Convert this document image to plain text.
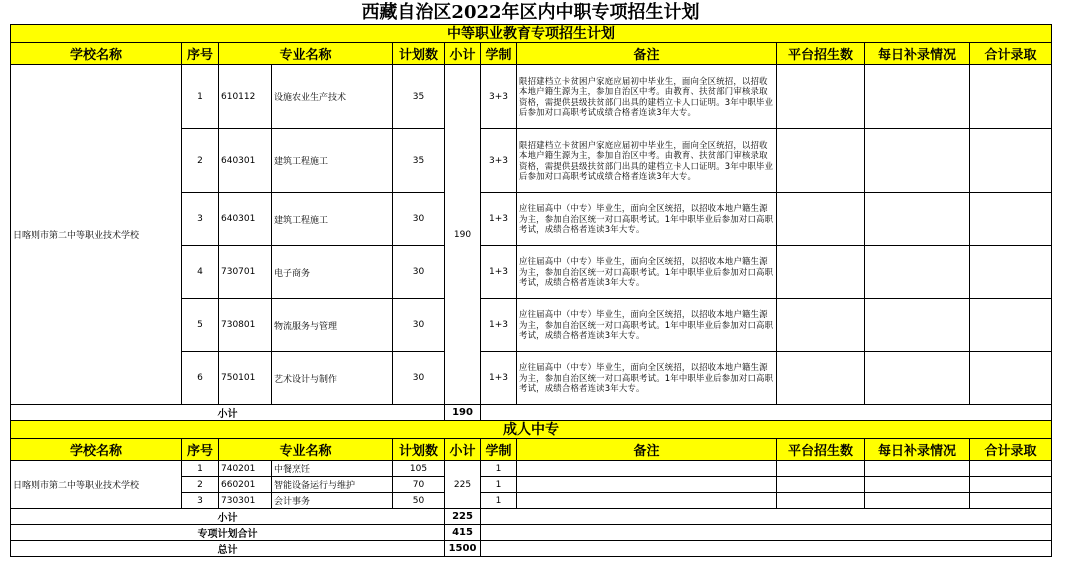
西藏自治区2022年区内中职专项招生计划
中等职业教育专项招生计划										
学校名称	序号	专业名称		计划数	小计	学制	备注	平台招生数	每日补录情况	合计录取
日喀则市第二中等职业技术学校	1	610112	设施农业生产技术	35	190	3+3	限招建档立卡贫困户家庭应届初中毕业生，面向全区统招，以招收本地户籍生源为主，参加自治区中考。由教育、扶贫部门审核录取资格，需提供县级扶贫部门出具的建档立卡人口证明。3年中职毕业后参加对口高职考试成绩合格者连读3年大专。			
	2	640301	建筑工程施工	35		3+3	限招建档立卡贫困户家庭应届初中毕业生，面向全区统招，以招收本地户籍生源为主，参加自治区中考。由教育、扶贫部门审核录取资格，需提供县级扶贫部门出具的建档立卡人口证明。3年中职毕业后参加对口高职考试成绩合格者连读3年大专。			
	3	640301	建筑工程施工	30		1+3	应往届高中（中专）毕业生，面向全区统招，以招收本地户籍生源为主，参加自治区统一对口高职考试。1年中职毕业后参加对口高职考试，成绩合格者连读3年大专。			
	4	730701	电子商务	30		1+3	应往届高中（中专）毕业生，面向全区统招，以招收本地户籍生源为主，参加自治区统一对口高职考试。1年中职毕业后参加对口高职考试，成绩合格者连读3年大专。			
	5	730801	物流服务与管理	30		1+3	应往届高中（中专）毕业生，面向全区统招，以招收本地户籍生源为主，参加自治区统一对口高职考试。1年中职毕业后参加对口高职考试，成绩合格者连读3年大专。			
	6	750101	艺术设计与制作	30		1+3	应往届高中（中专）毕业生，面向全区统招，以招收本地户籍生源为主，参加自治区统一对口高职考试。1年中职毕业后参加对口高职考试，成绩合格者连读3年大专。			
小计					190					
成人中专										
学校名称	序号	专业名称		计划数	小计	学制	备注	平台招生数	每日补录情况	合计录取
日喀则市第二中等职业技术学校	1	740201	中餐烹饪	105	225	1				
	2	660201	智能设备运行与维护	70		1				
	3	730301	会计事务	50		1				
小计					225					
专项计划合计					415					
总计					1500					
